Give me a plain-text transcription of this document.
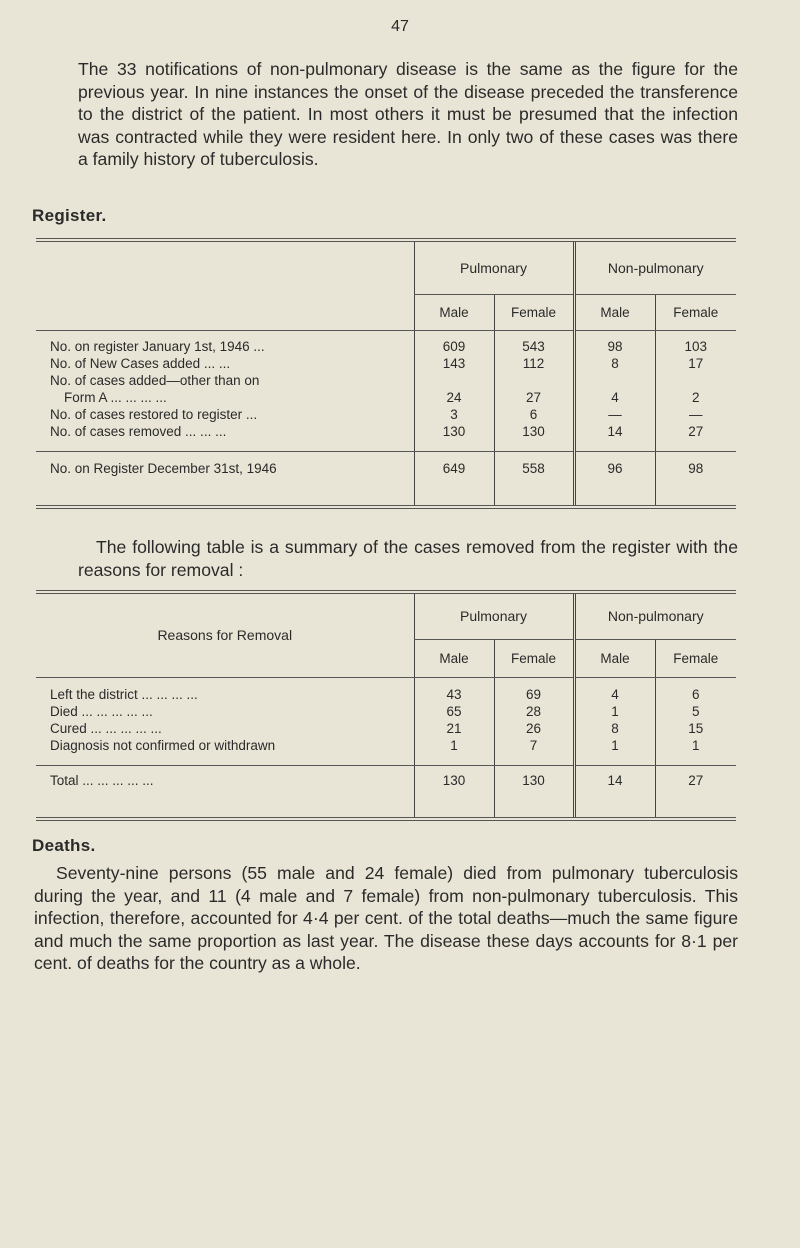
47

The 33 notifications of non-pulmonary disease is the same as the figure for the previous year. In nine instances the onset of the disease preceded the transference to the district of the patient. In most others it must be presumed that the infection was contracted while they were resident here. In only two of these cases was there a family history of tuberculosis.

Register.

	Pulmonary		Non-pulmonary	
	Male	Female	Male	Female

No. on register January 1st, 1946 ...	609	543	98	103
No. of New Cases added ... ...	143	112	8	17
No. of cases added—other than on				
Form A ... ... ... ...	24	27	4	2
No. of cases restored to register ...	3	6	—	—
No. of cases removed ... ... ...	130	130	14	27

No. on Register December 31st, 1946	649	558	96	98

The following table is a summary of the cases removed from the register with the reasons for removal :

Reasons for Removal	Pulmonary		Non-pulmonary	
	Male	Female	Male	Female

Left the district ... ... ... ...	43	69	4	6
Died ... ... ... ... ...	65	28	1	5
Cured ... ... ... ... ...	21	26	8	15
Diagnosis not confirmed or withdrawn	1	7	1	1

Total ... ... ... ... ...	130	130	14	27

Deaths.

Seventy-nine persons (55 male and 24 female) died from pulmonary tuberculosis during the year, and 11 (4 male and 7 female) from non-pulmonary tuberculosis. This infection, therefore, accounted for 4·4 per cent. of the total deaths—much the same figure and much the same proportion as last year. The disease these days accounts for 8·1 per cent. of deaths for the country as a whole.
